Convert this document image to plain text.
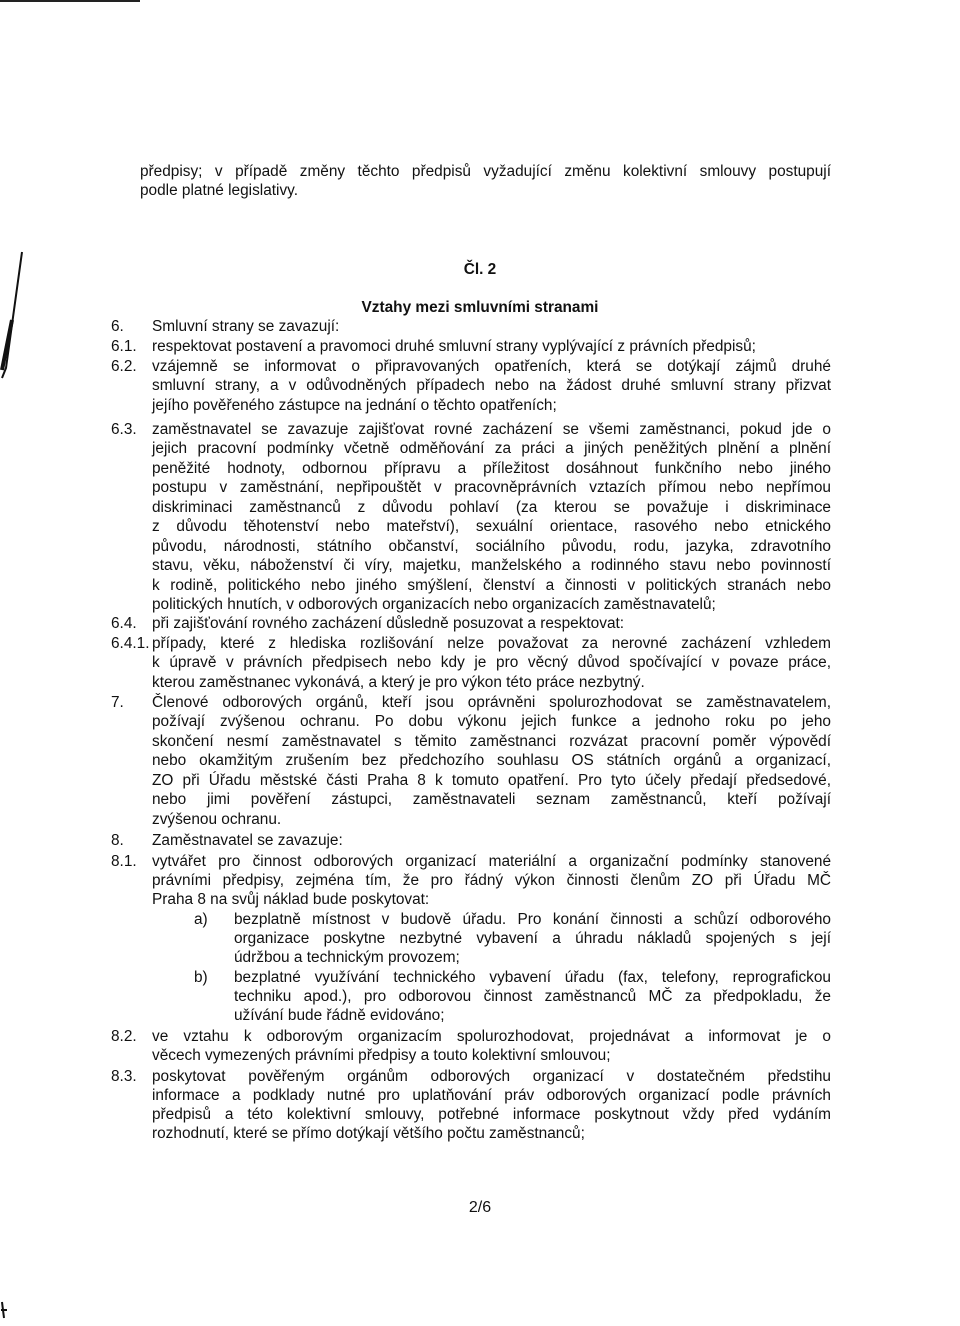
předpisy; v případě změny těchto předpisů vyžadující změnu kolektivní smlouvy postupují
podle platné legislativy.
Čl. 2
Vztahy mezi smluvními stranami
6. Smluvní strany se zavazují:
6.1. respektovat postavení a pravomoci druhé smluvní strany vyplývající z právních předpisů;
6.2. vzájemně se informovat o připravovaných opatřeních, která se dotýkají zájmů druhé
smluvní strany, a v odůvodněných případech nebo na žádost druhé smluvní strany přizvat
jejího pověřeného zástupce na jednání o těchto opatřeních;
6.3. zaměstnavatel se zavazuje zajišťovat rovné zacházení se všemi zaměstnanci, pokud jde o
jejich pracovní podmínky včetně odměňování za práci a jiných peněžitých plnění a plnění
peněžité hodnoty, odbornou přípravu a příležitost dosáhnout funkčního nebo jiného
postupu v zaměstnání, nepřipouštět v pracovněprávních vztazích přímou nebo nepřímou
diskriminaci zaměstnanců z důvodu pohlaví (za kterou se považuje i diskriminace
z důvodu těhotenství nebo mateřství), sexuální orientace, rasového nebo etnického
původu, národnosti, státního občanství, sociálního původu, rodu, jazyka, zdravotního
stavu, věku, náboženství či víry, majetku, manželského a rodinného stavu nebo povinností
k rodině, politického nebo jiného smýšlení, členství a činnosti v politických stranách nebo
politických hnutích, v odborových organizacích nebo organizacích zaměstnavatelů;
6.4. při zajišťování rovného zacházení důsledně posuzovat a respektovat:
6.4.1. případy, které z hlediska rozlišování nelze považovat za nerovné zacházení vzhledem
k úpravě v právních předpisech nebo kdy je pro věcný důvod spočívající v povaze práce,
kterou zaměstnanec vykonává, a který je pro výkon této práce nezbytný.
7. Členové odborových orgánů, kteří jsou oprávněni spolurozhodovat se zaměstnavatelem,
požívají zvýšenou ochranu. Po dobu výkonu jejich funkce a jednoho roku po jeho
skončení nesmí zaměstnavatel s těmito zaměstnanci rozvázat pracovní poměr výpovědí
nebo okamžitým zrušením bez předchozího souhlasu OS státních orgánů a organizací,
ZO při Úřadu městské části Praha 8 k tomuto opatření. Pro tyto účely předají předsedové,
nebo jimi pověření zástupci, zaměstnavateli seznam zaměstnanců, kteří požívají
zvýšenou ochranu.
8. Zaměstnavatel se zavazuje:
8.1. vytvářet pro činnost odborových organizací materiální a organizační podmínky stanovené
právními předpisy, zejména tím, že pro řádný výkon činnosti členům ZO při Úřadu MČ
Praha 8 na svůj náklad bude poskytovat:
a) bezplatně místnost v budově úřadu. Pro konání činnosti a schůzí odborového
organizace poskytne nezbytné vybavení a úhradu nákladů spojených s její
údržbou a technickým provozem;
b) bezplatné využívání technického vybavení úřadu (fax, telefony, reprografickou
techniku apod.), pro odborovou činnost zaměstnanců MČ za předpokladu, že
užívání bude řádně evidováno;
8.2. ve vztahu k odborovým organizacím spolurozhodovat, projednávat a informovat je o
věcech vymezených právními předpisy a touto kolektivní smlouvou;
8.3. poskytovat pověřeným orgánům odborových organizací v dostatečném předstihu
informace a podklady nutné pro uplatňování práv odborových organizací podle právních
předpisů a této kolektivní smlouvy, potřebné informace poskytnout vždy před vydáním
rozhodnutí, které se přímo dotýkají většího počtu zaměstnanců;
2/6
